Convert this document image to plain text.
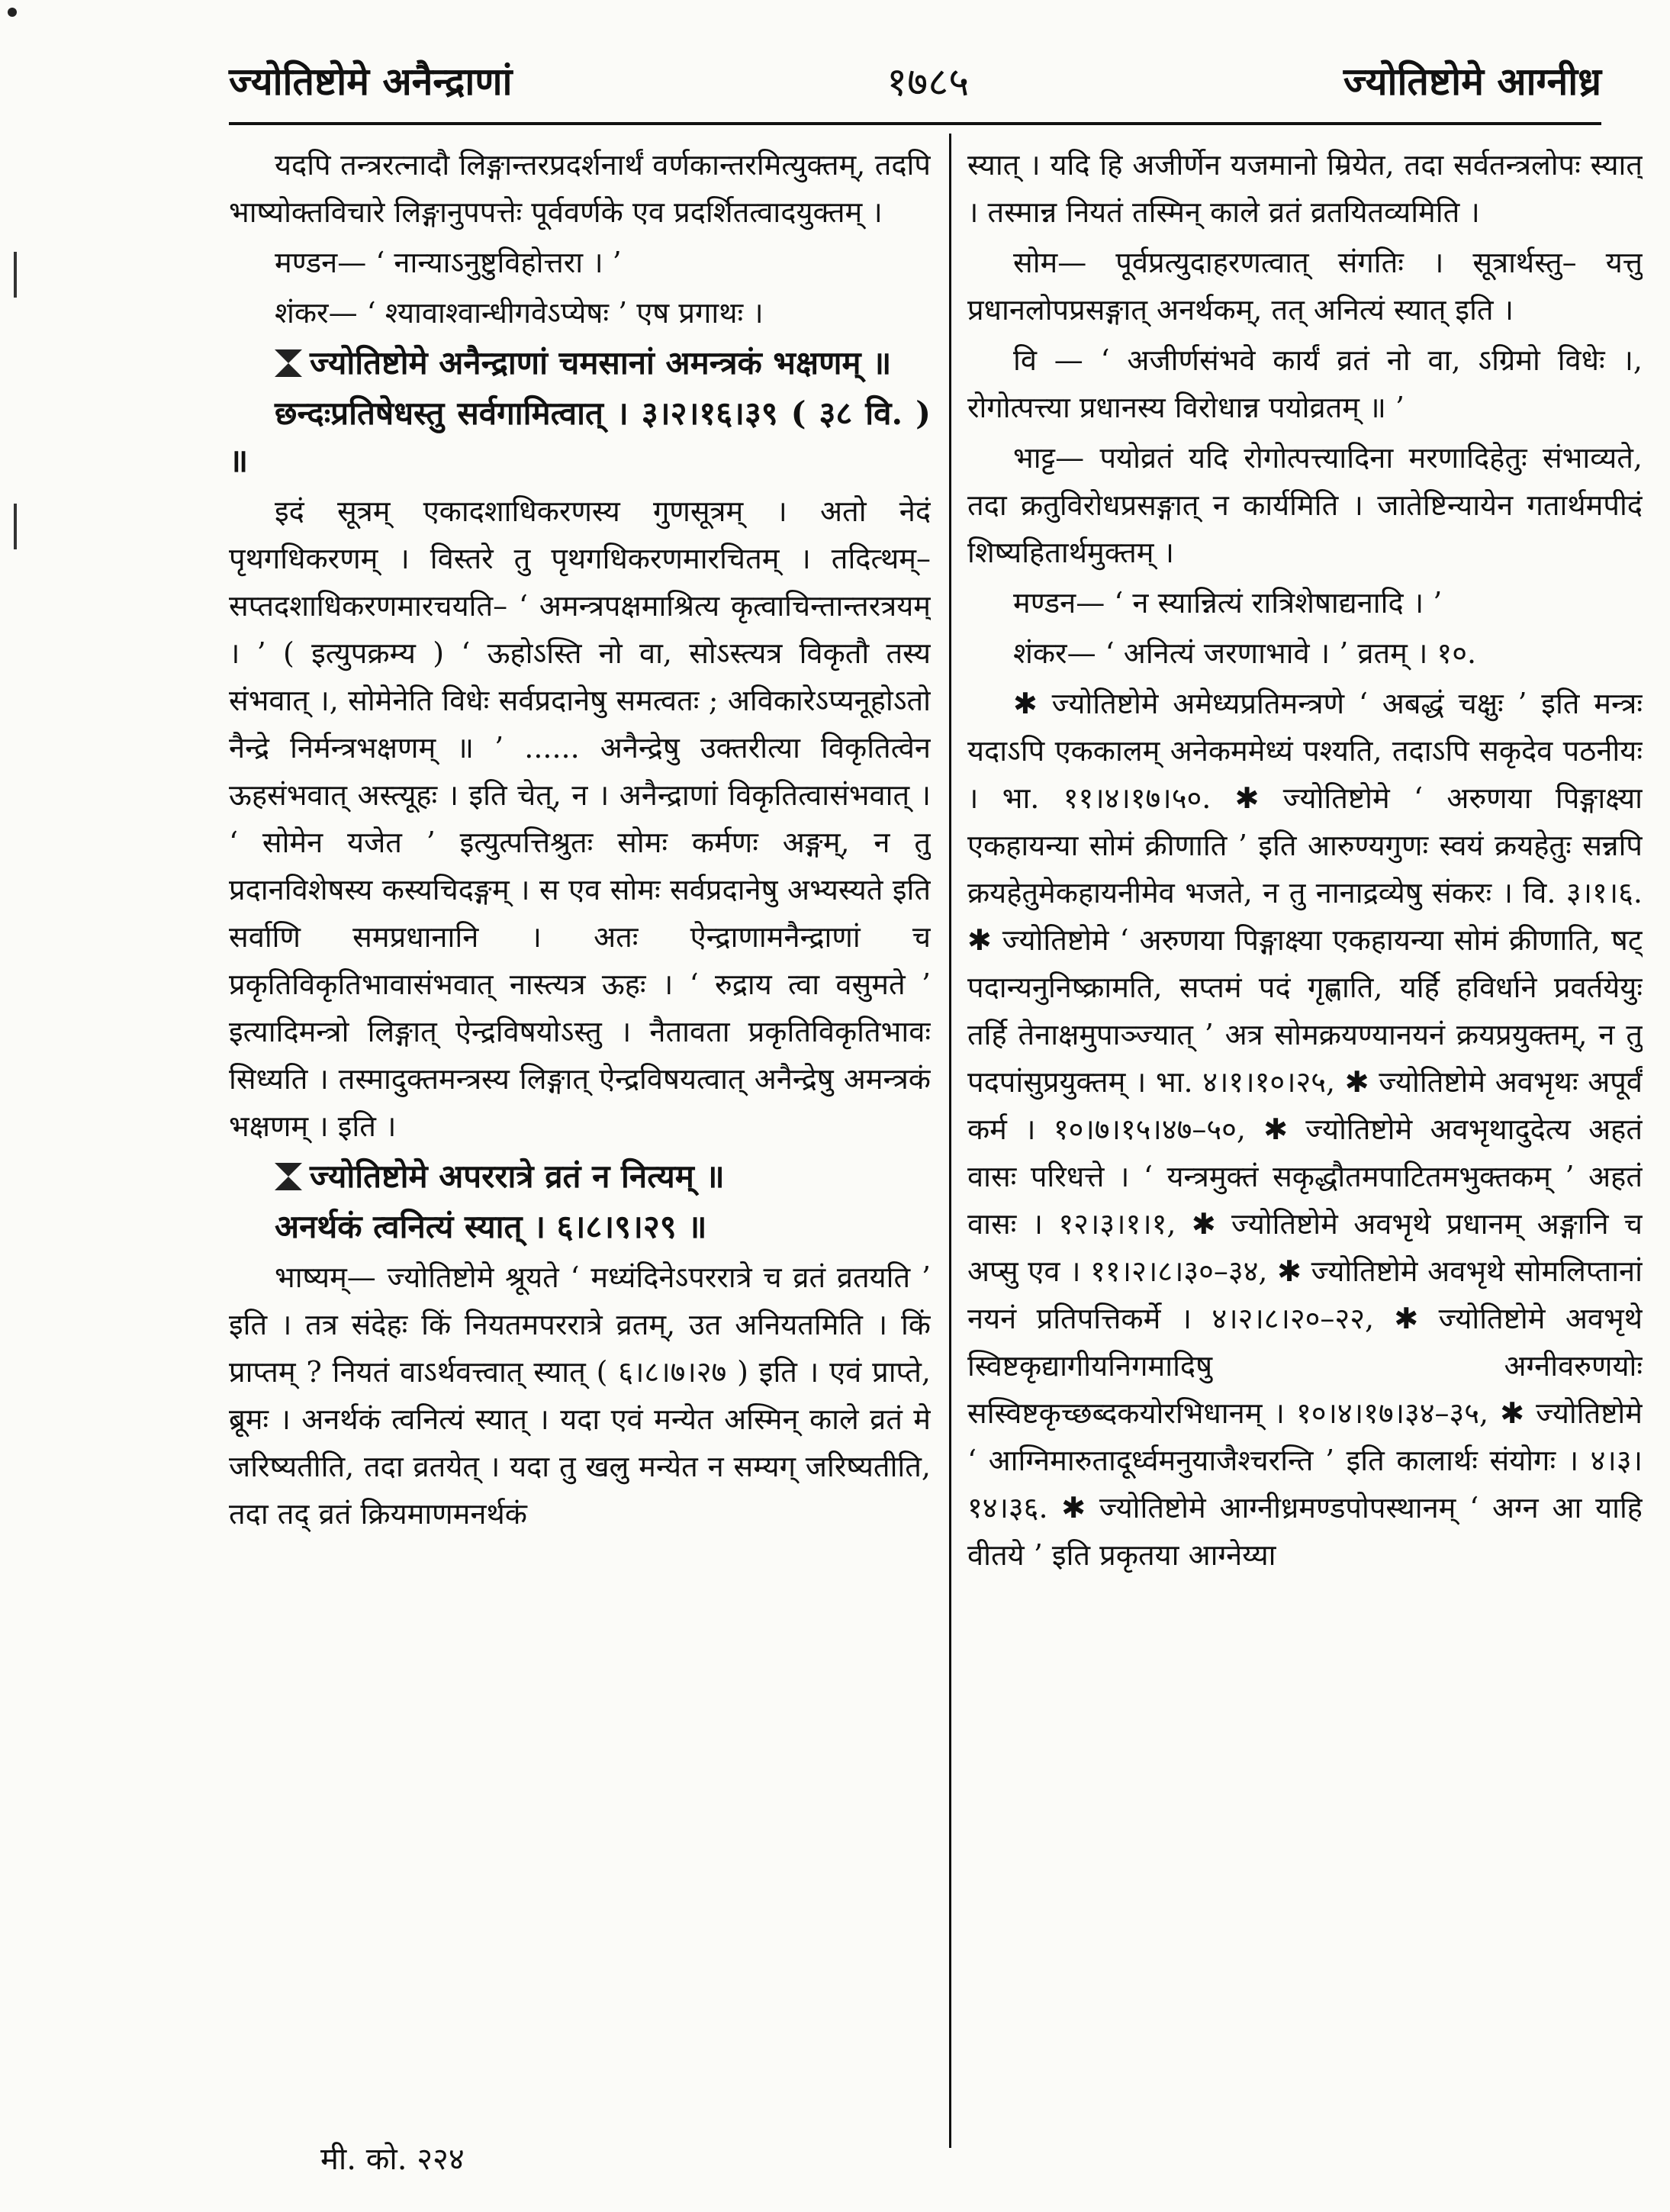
ज्योतिष्टोमे अनैन्द्राणां	१७८५	ज्योतिष्टोमे आग्नीध्र

यदपि तन्त्ररत्नादौ लिङ्गान्तरप्रदर्शनार्थं वर्णकान्तरमित्युक्तम्, तदपि भाष्योक्तविचारे लिङ्गानुपपत्तेः पूर्ववर्णके एव प्रदर्शितत्वादयुक्तम् ।

मण्डन— ‘ नान्याऽनुष्टुविहोत्तरा । ’

शंकर— ‘ श्यावाश्वान्धीगवेऽप्येषः ’ एष प्रगाथः ।

ज्योतिष्टोमे अनैन्द्राणां चमसानां अमन्त्रकं भक्षणम् ॥

छन्दःप्रतिषेधस्तु सर्वगामित्वात् । ३।२।१६।३९ ( ३८ वि. ) ॥

इदं सूत्रम् एकादशाधिकरणस्य गुणसूत्रम् । अतो नेदं पृथगधिकरणम् । विस्तरे तु पृथगधिकरणमारचितम् । तदित्थम्– सप्तदशाधिकरणमारचयति– ‘ अमन्त्रपक्षमाश्रित्य कृत्वाचिन्तान्तरत्रयम् । ’ ( इत्युपक्रम्य ) ‘ ऊहोऽस्ति नो वा, सोऽस्त्यत्र विकृतौ तस्य संभवात् ।, सोमेनेति विधेः सर्वप्रदानेषु समत्वतः ; अविकारेऽप्यनूहोऽतो नैन्द्रे निर्मन्त्रभक्षणम् ॥ ’ ...... अनैन्द्रेषु उक्तरीत्या विकृतित्वेन ऊहसंभवात् अस्त्यूहः । इति चेत्, न । अनैन्द्राणां विकृतित्वासंभवात् । ‘ सोमेन यजेत ’ इत्युत्पत्तिश्रुतः सोमः कर्मणः अङ्गम्, न तु प्रदानविशेषस्य कस्यचिदङ्गम् । स एव सोमः सर्वप्रदानेषु अभ्यस्यते इति सर्वाणि समप्रधानानि । अतः ऐन्द्राणामनैन्द्राणां च प्रकृतिविकृतिभावासंभवात् नास्त्यत्र ऊहः । ‘ रुद्राय त्वा वसुमते ’ इत्यादिमन्त्रो लिङ्गात् ऐन्द्रविषयोऽस्तु । नैतावता प्रकृतिविकृतिभावः सिध्यति । तस्मादुक्तमन्त्रस्य लिङ्गात् ऐन्द्रविषयत्वात् अनैन्द्रेषु अमन्त्रकं भक्षणम् । इति ।

ज्योतिष्टोमे अपररात्रे व्रतं न नित्यम् ॥

अनर्थकं त्वनित्यं स्यात् । ६।८।९।२९ ॥

भाष्यम्— ज्योतिष्टोमे श्रूयते ‘ मध्यंदिनेऽपररात्रे च व्रतं व्रतयति ’ इति । तत्र संदेहः किं नियतमपररात्रे व्रतम्, उत अनियतमिति । किं प्राप्तम् ? नियतं वाऽर्थवत्त्वात् स्यात् ( ६।८।७।२७ ) इति । एवं प्राप्ते, ब्रूमः । अनर्थकं त्वनित्यं स्यात् । यदा एवं मन्येत अस्मिन् काले व्रतं मे जरिष्यतीति, तदा व्रतयेत् । यदा तु खलु मन्येत न सम्यग् जरिष्यतीति, तदा तद् व्रतं क्रियमाणमनर्थकं

स्यात् । यदि हि अजीर्णेन यजमानो म्रियेत, तदा सर्वतन्त्रलोपः स्यात् । तस्मान्न नियतं तस्मिन् काले व्रतं व्रतयितव्यमिति ।

सोम— पूर्वप्रत्युदाहरणत्वात् संगतिः । सूत्रार्थस्तु– यत्तु प्रधानलोपप्रसङ्गात् अनर्थकम्, तत् अनित्यं स्यात् इति ।

वि — ‘ अजीर्णसंभवे कार्यं व्रतं नो वा, ऽग्रिमो विधेः ।, रोगोत्पत्त्या प्रधानस्य विरोधान्न पयोव्रतम् ॥ ’

भाट्ट— पयोव्रतं यदि रोगोत्पत्त्यादिना मरणादिहेतुः संभाव्यते, तदा क्रतुविरोधप्रसङ्गात् न कार्यमिति । जातेष्टिन्यायेन गतार्थमपीदं शिष्यहितार्थमुक्तम् ।

मण्डन— ‘ न स्यान्नित्यं रात्रिशेषाद्यनादि । ’

शंकर— ‘ अनित्यं जरणाभावे । ’ व्रतम् । १०.

✱ ज्योतिष्टोमे अमेध्यप्रतिमन्त्रणे ‘ अबद्धं चक्षुः ’ इति मन्त्रः यदाऽपि एककालम् अनेकममेध्यं पश्यति, तदाऽपि सकृदेव पठनीयः । भा. ११।४।१७।५०. ✱ ज्योतिष्टोमे ‘ अरुणया पिङ्गाक्ष्या एकहायन्या सोमं क्रीणाति ’ इति आरुण्यगुणः स्वयं क्रयहेतुः सन्नपि क्रयहेतुमेकहायनीमेव भजते, न तु नानाद्रव्येषु संकरः । वि. ३।१।६. ✱ ज्योतिष्टोमे ‘ अरुणया पिङ्गाक्ष्या एकहायन्या सोमं क्रीणाति, षट् पदान्यनुनिष्क्रामति, सप्तमं पदं गृह्णाति, यर्हि हविर्धाने प्रवर्तयेयुः तर्हि तेनाक्षमुपाञ्ज्यात् ’ अत्र सोमक्रयण्यानयनं क्रयप्रयुक्तम्, न तु पदपांसुप्रयुक्तम् । भा. ४।१।१०।२५, ✱ ज्योतिष्टोमे अवभृथः अपूर्वं कर्म । १०।७।१५।४७–५०, ✱ ज्योतिष्टोमे अवभृथादुदेत्य अहतं वासः परिधत्ते । ‘ यन्त्रमुक्तं सकृद्धौतमपाटितमभुक्तकम् ’ अहतं वासः । १२।३।१।१, ✱ ज्योतिष्टोमे अवभृथे प्रधानम् अङ्गानि च अप्सु एव । ११।२।८।३०–३४, ✱ ज्योतिष्टोमे अवभृथे सोमलिप्तानां नयनं प्रतिपत्तिकर्मे । ४।२।८।२०–२२, ✱ ज्योतिष्टोमे अवभृथे स्विष्टकृद्यागीयनिगमादिषु अग्नीवरुणयोः सस्विष्टकृच्छब्दकयोरभिधानम् । १०।४।१७।३४–३५, ✱ ज्योतिष्टोमे ‘ आग्निमारुतादूर्ध्वमनुयाजैश्चरन्ति ’ इति कालार्थः संयोगः । ४।३।१४।३६. ✱ ज्योतिष्टोमे आग्नीध्रमण्डपोपस्थानम् ‘ अग्न आ याहि वीतये ’ इति प्रकृतया आग्नेय्या

मी. को. २२४
